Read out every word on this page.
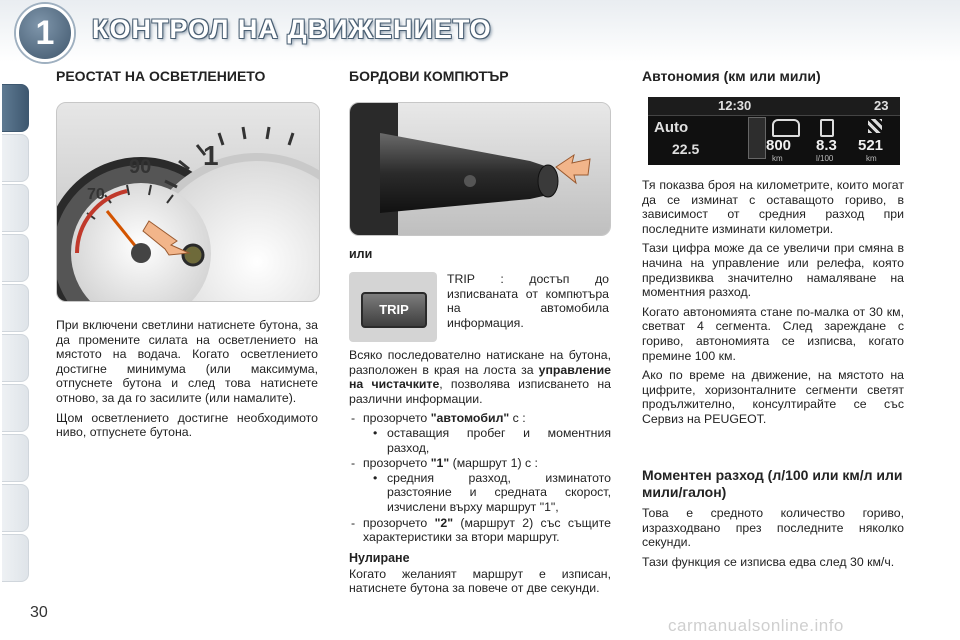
1	КОНТРОЛ НА ДВИЖЕНИЕТО
РЕОСТАТ НА ОСВЕТЛЕНИЕТО
90
70
1

При включени светлини натиснете бутона, за да промените силата на осветлението на мястото на водача. Когато осветлението достигне минимума (или максимума, отпуснете бутона и след това натиснете отново, за да го засилите (или намалите).

Щом осветлението достигне необходимото ниво, отпуснете бутона.

БОРДОВИ КОМПЮТЪР
или
TRIP

TRIP : достъп до изписваната от компютъра на автомобила информация.

Всяко последователно натискане на бутона, разположен в края на лоста за управление на чистачките, позволява изписването на различни информации.

- прозорчето "автомобил" с :
• оставащия пробег и моментния разход,
- прозорчето "1" (маршрут 1) с :
• средния разход, изминатото разстояние и средната скорост, изчислени върху маршрут "1",
- прозорчето "2" (маршрут 2) със същите характеристики за втори маршрут.
Нулиране

Когато желаният маршрут е изписан, натиснете бутона за повече от две секунди.

Автономия (км или мили)
12:30	23
Auto
22.5	800
km
8.3
l/100
521
km

Тя показва броя на километрите, които могат да се изминат с оставащото гориво, в зависимост от средния разход при последните изминати километри.

Тази цифра може да се увеличи при смяна в начина на управление или релефа, която предизвиква значително намаляване на моментния разход.

Когато автономията стане по-малка от 30 км, светват 4 сегмента. След зареждане с гориво, автономията се изписва, когато премине 100 км.

Ако по време на движение, на мястото на цифрите, хоризонталните сегменти светят продължително, консултирайте се със Сервиз на PEUGEOT.

Моментен разход (л/100 или км/л или мили/галон)

Това е средното количество гориво, изразходвано през последните няколко секунди.

Тази функция се изписва едва след 30 км/ч.

30
carmanualsonline.info
